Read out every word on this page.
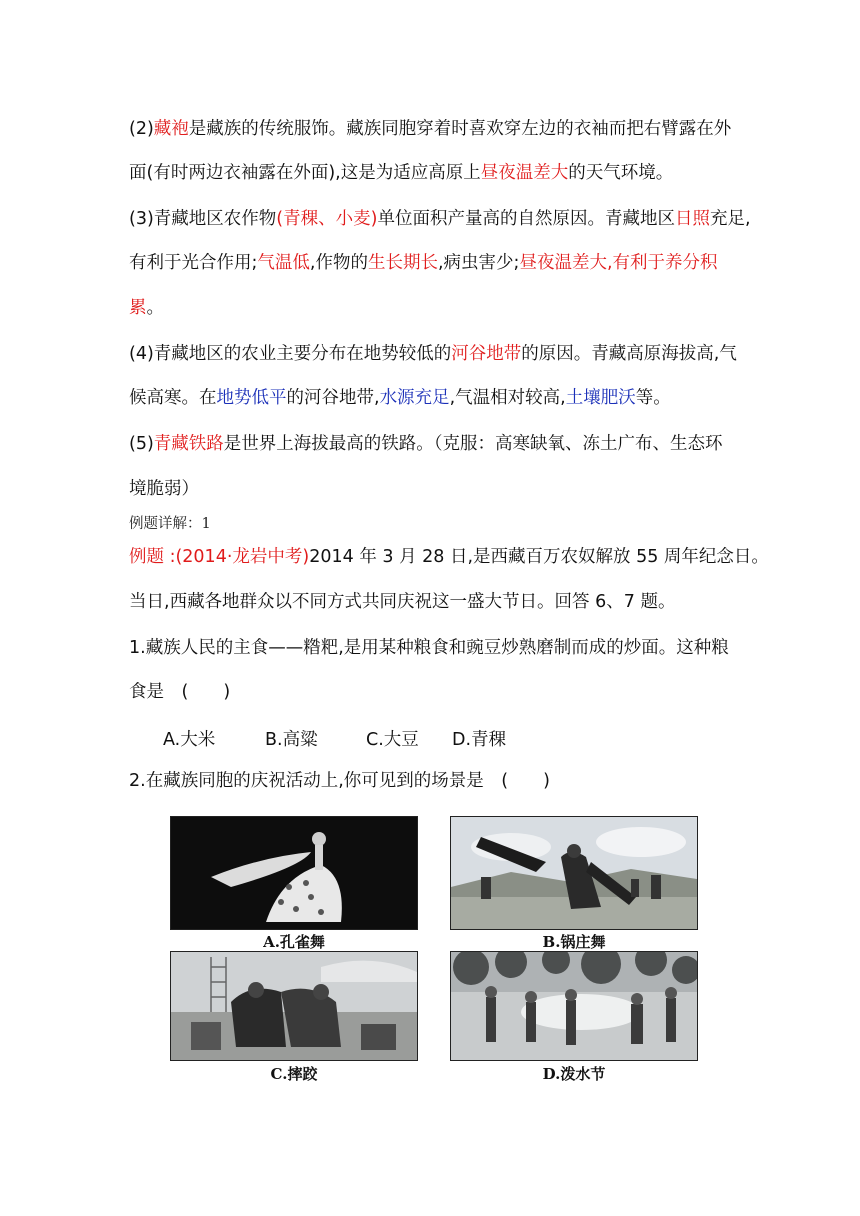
(2)藏袍是藏族的传统服饰。藏族同胞穿着时喜欢穿左边的衣袖而把右臂露在外
面(有时两边衣袖露在外面),这是为适应高原上昼夜温差大的天气环境。
(3)青藏地区农作物(青稞、小麦)单位面积产量高的自然原因。青藏地区日照充足,
有利于光合作用;气温低,作物的生长期长,病虫害少;昼夜温差大,有利于养分积
累。
(4)青藏地区的农业主要分布在地势较低的河谷地带的原因。青藏高原海拔高,气
候高寒。在地势低平的河谷地带,水源充足,气温相对较高,土壤肥沃等。
(5)青藏铁路是世界上海拔最高的铁路。（克服：高寒缺氧、冻土广布、生态环
境脆弱）
例题详解：1
例题 :(2014·龙岩中考)2014 年 3 月 28 日,是西藏百万农奴解放 55 周年纪念日。
当日,西藏各地群众以不同方式共同庆祝这一盛大节日。回答 6、7 题。
1.藏族人民的主食——糌粑,是用某种粮食和豌豆炒熟磨制而成的炒面。这种粮
食是　(　　)
A.大米	B.高粱	C.大豆 D.青稞
2.在藏族同胞的庆祝活动上,你可见到的场景是　(　　)
A.孔雀舞	B.锅庄舞
C.摔跤	D.泼水节
